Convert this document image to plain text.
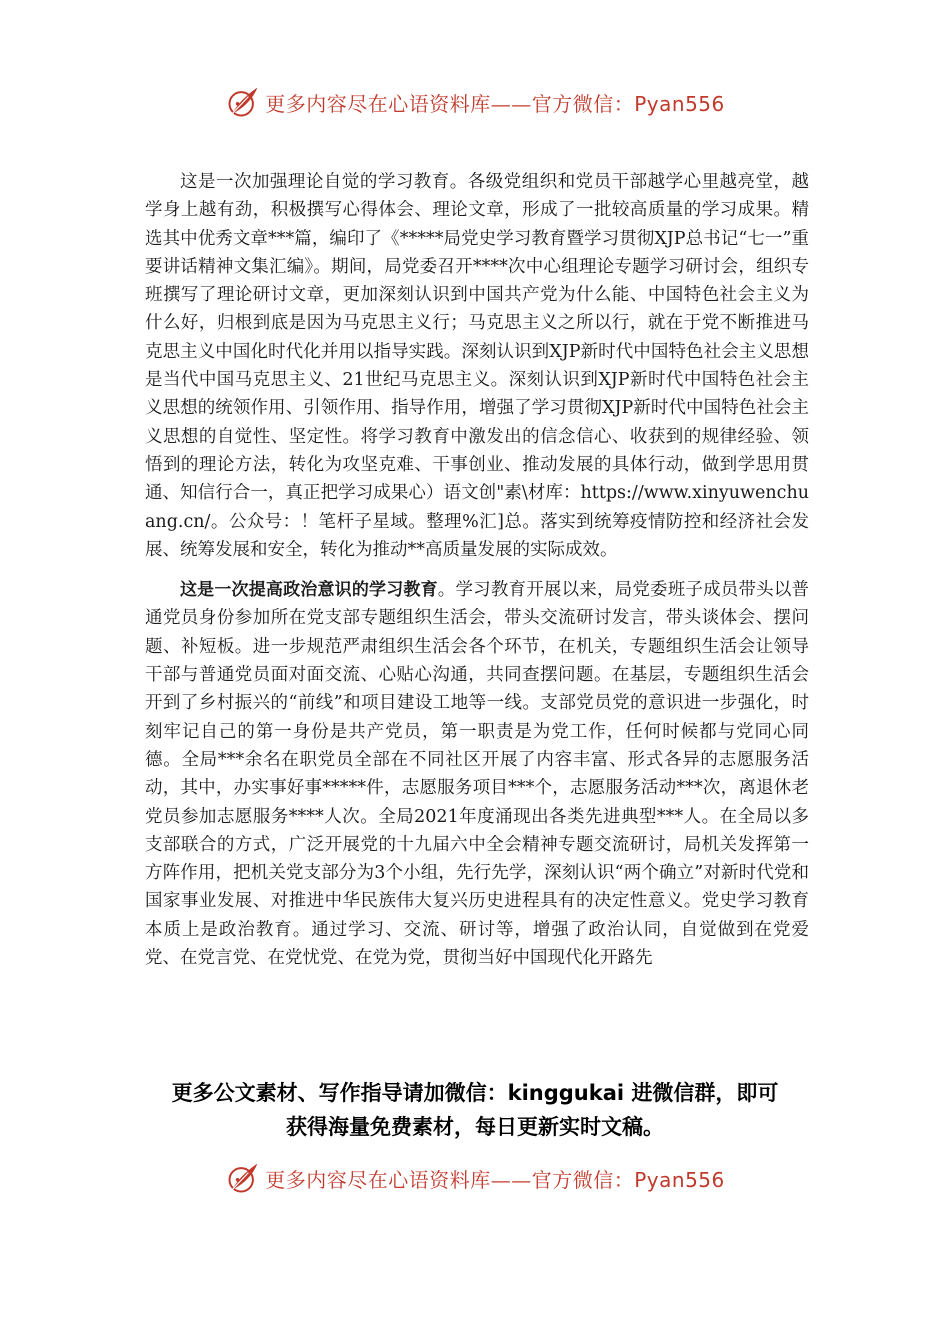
更多内容尽在心语资料库——官方微信：Pyan556

这是一次加强理论自觉的学习教育。各级党组织和党员干部越学心里越亮堂，越学身上越有劲，积极撰写心得体会、理论文章，形成了一批较高质量的学习成果。精选其中优秀文章***篇，编印了《*****局党史学习教育暨学习贯彻XJP总书记“七一”重要讲话精神文集汇编》。期间，局党委召开****次中心组理论专题学习研讨会，组织专班撰写了理论研讨文章，更加深刻认识到中国共产党为什么能、中国特色社会主义为什么好，归根到底是因为马克思主义行；马克思主义之所以行，就在于党不断推进马克思主义中国化时代化并用以指导实践。深刻认识到XJP新时代中国特色社会主义思想是当代中国马克思主义、21世纪马克思主义。深刻认识到XJP新时代中国特色社会主义思想的统领作用、引领作用、指导作用，增强了学习贯彻XJP新时代中国特色社会主义思想的自觉性、坚定性。将学习教育中激发出的信念信心、收获到的规律经验、领悟到的理论方法，转化为攻坚克难、干事创业、推动发展的具体行动，做到学思用贯通、知信行合一，真正把学习成果心）语文创"素\材库：https://www.xinyuwenchuang.cn/。公众号：！笔杆子星域。整理%汇]总。落实到统筹疫情防控和经济社会发展、统筹发展和安全，转化为推动**高质量发展的实际成效。

这是一次提高政治意识的学习教育。学习教育开展以来，局党委班子成员带头以普通党员身份参加所在党支部专题组织生活会，带头交流研讨发言，带头谈体会、摆问题、补短板。进一步规范严肃组织生活会各个环节，在机关，专题组织生活会让领导干部与普通党员面对面交流、心贴心沟通，共同查摆问题。在基层，专题组织生活会开到了乡村振兴的“前线”和项目建设工地等一线。支部党员党的意识进一步强化，时刻牢记自己的第一身份是共产党员，第一职责是为党工作，任何时候都与党同心同德。全局***余名在职党员全部在不同社区开展了内容丰富、形式各异的志愿服务活动，其中，办实事好事*****件，志愿服务项目***个，志愿服务活动***次，离退休老党员参加志愿服务****人次。全局2021年度涌现出各类先进典型***人。在全局以多支部联合的方式，广泛开展党的十九届六中全会精神专题交流研讨，局机关发挥第一方阵作用，把机关党支部分为3个小组，先行先学，深刻认识“两个确立”对新时代党和国家事业发展、对推进中华民族伟大复兴历史进程具有的决定性意义。党史学习教育本质上是政治教育。通过学习、交流、研讨等，增强了政治认同，自觉做到在党爱党、在党言党、在党忧党、在党为党，贯彻当好中国现代化开路先

更多公文素材、写作指导请加微信：kinggukai 进微信群，即可
获得海量免费素材，每日更新实时文稿。
更多内容尽在心语资料库——官方微信：Pyan556
